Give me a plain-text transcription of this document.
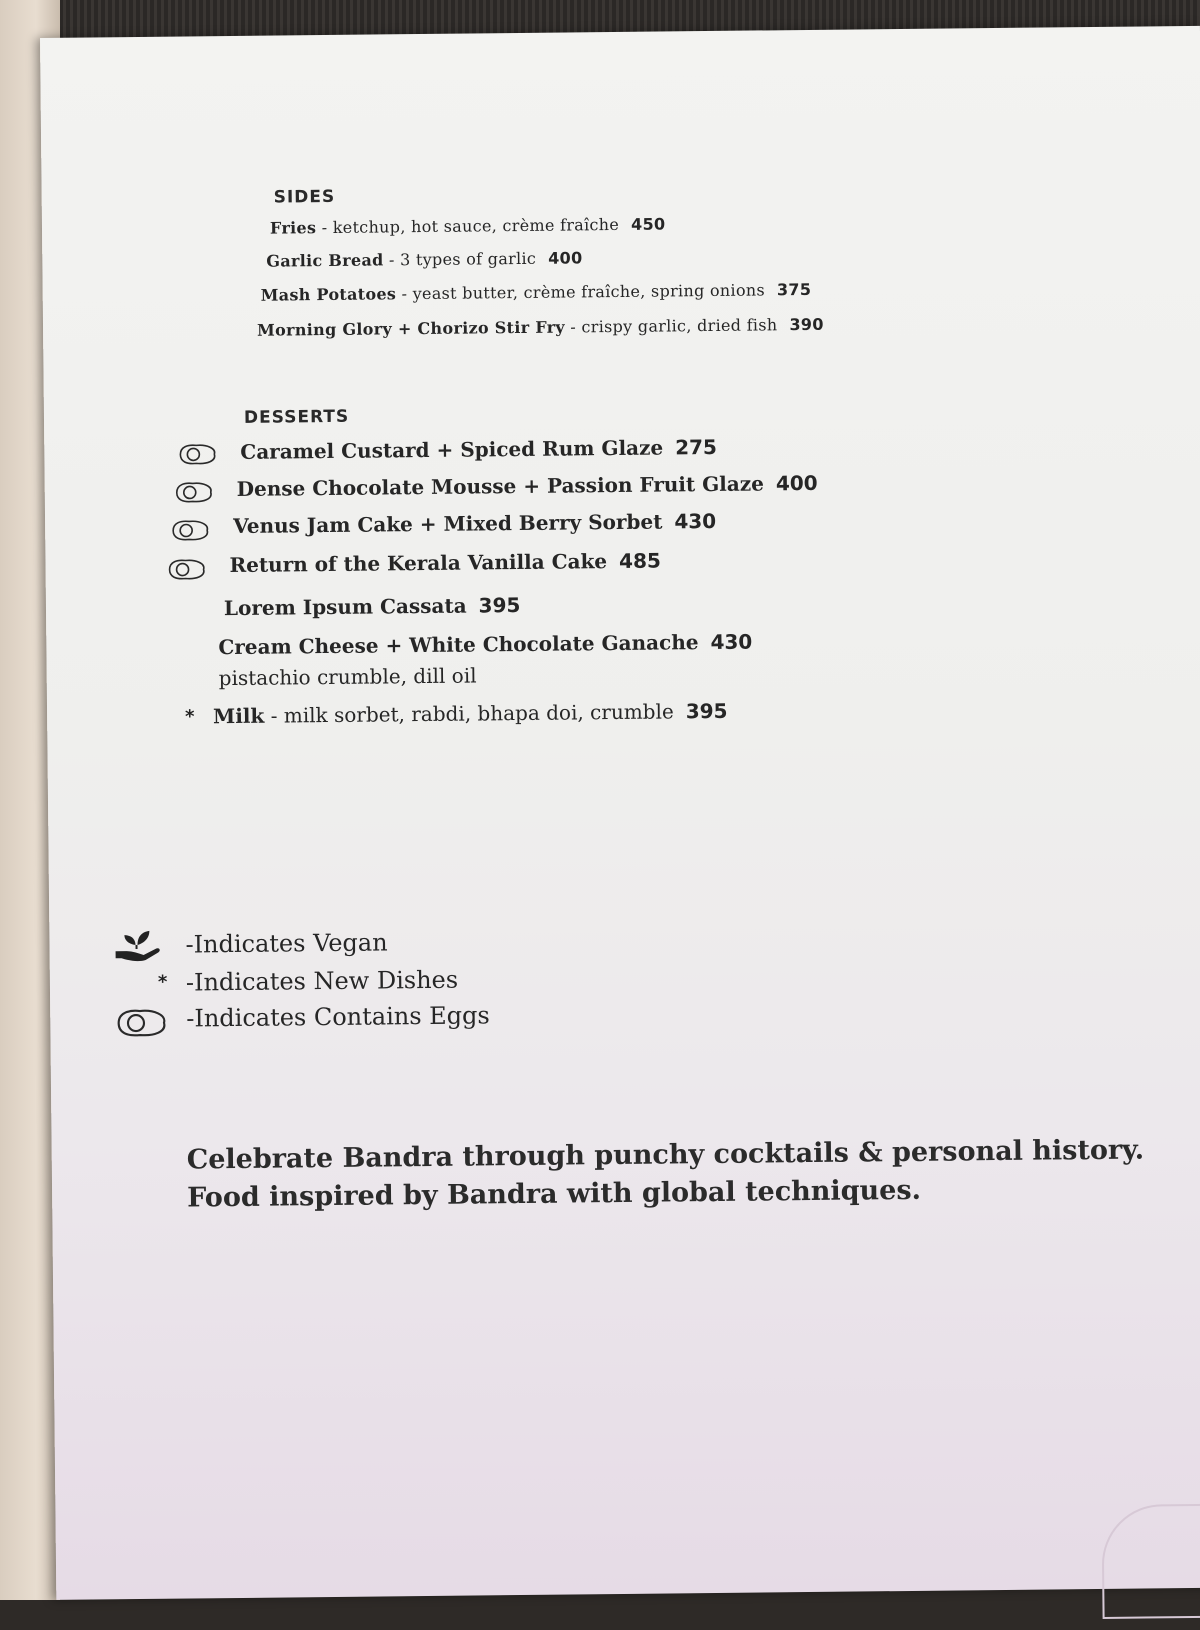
SIDES
Fries - ketchup, hot sauce, crème fraîche 450
Garlic Bread - 3 types of garlic 400
Mash Potatoes - yeast butter, crème fraîche, spring onions 375
Morning Glory + Chorizo Stir Fry - crispy garlic, dried fish 390
DESSERTS
Caramel Custard + Spiced Rum Glaze 275
Dense Chocolate Mousse + Passion Fruit Glaze 400
Venus Jam Cake + Mixed Berry Sorbet 430
Return of the Kerala Vanilla Cake 485
Lorem Ipsum Cassata 395
Cream Cheese + White Chocolate Ganache 430
pistachio crumble, dill oil
* Milk - milk sorbet, rabdi, bhapa doi, crumble 395
-Indicates Vegan
* -Indicates New Dishes
-Indicates Contains Eggs

Celebrate Bandra through punchy cocktails & personal history.

Food inspired by Bandra with global techniques.
